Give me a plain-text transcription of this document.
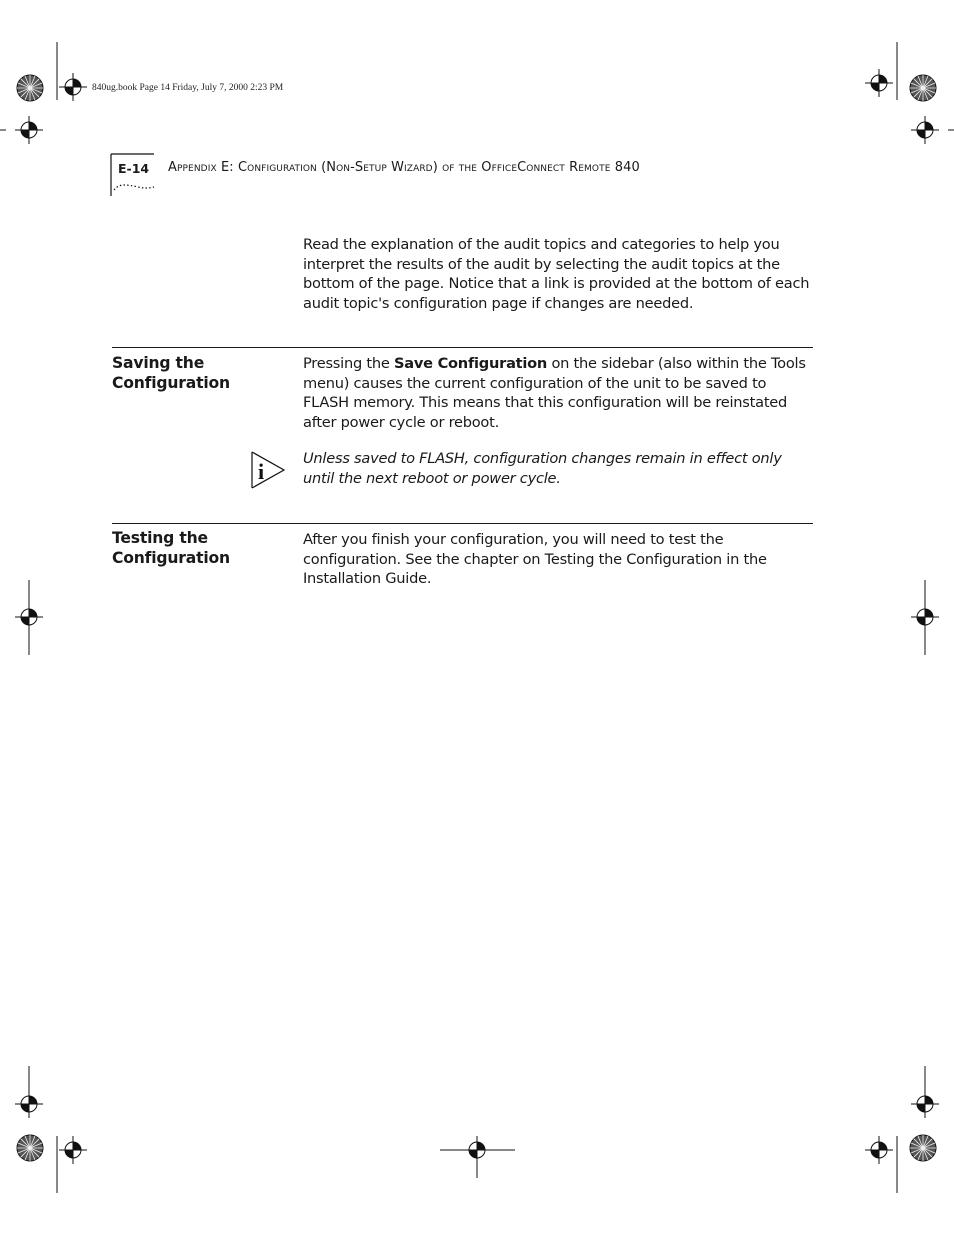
840ug.book Page 14 Friday, July 7, 2000 2:23 PM
E-14 Appendix E: Configuration (Non-Setup Wizard) of the OfficeConnect Remote 840
Read the explanation of the audit topics and categories to help you interpret the results of the audit by selecting the audit topics at the bottom of the page. Notice that a link is provided at the bottom of each audit topic's configuration page if changes are needed.
Saving the
Configuration
Pressing the Save Configuration on the sidebar (also within the Tools menu) causes the current configuration of the unit to be saved to FLASH memory. This means that this configuration will be reinstated after power cycle or reboot.
i
Unless saved to FLASH, configuration changes remain in effect only until the next reboot or power cycle.
Testing the
Configuration
After you finish your configuration, you will need to test the configuration. See the chapter on Testing the Configuration in the Installation Guide.
